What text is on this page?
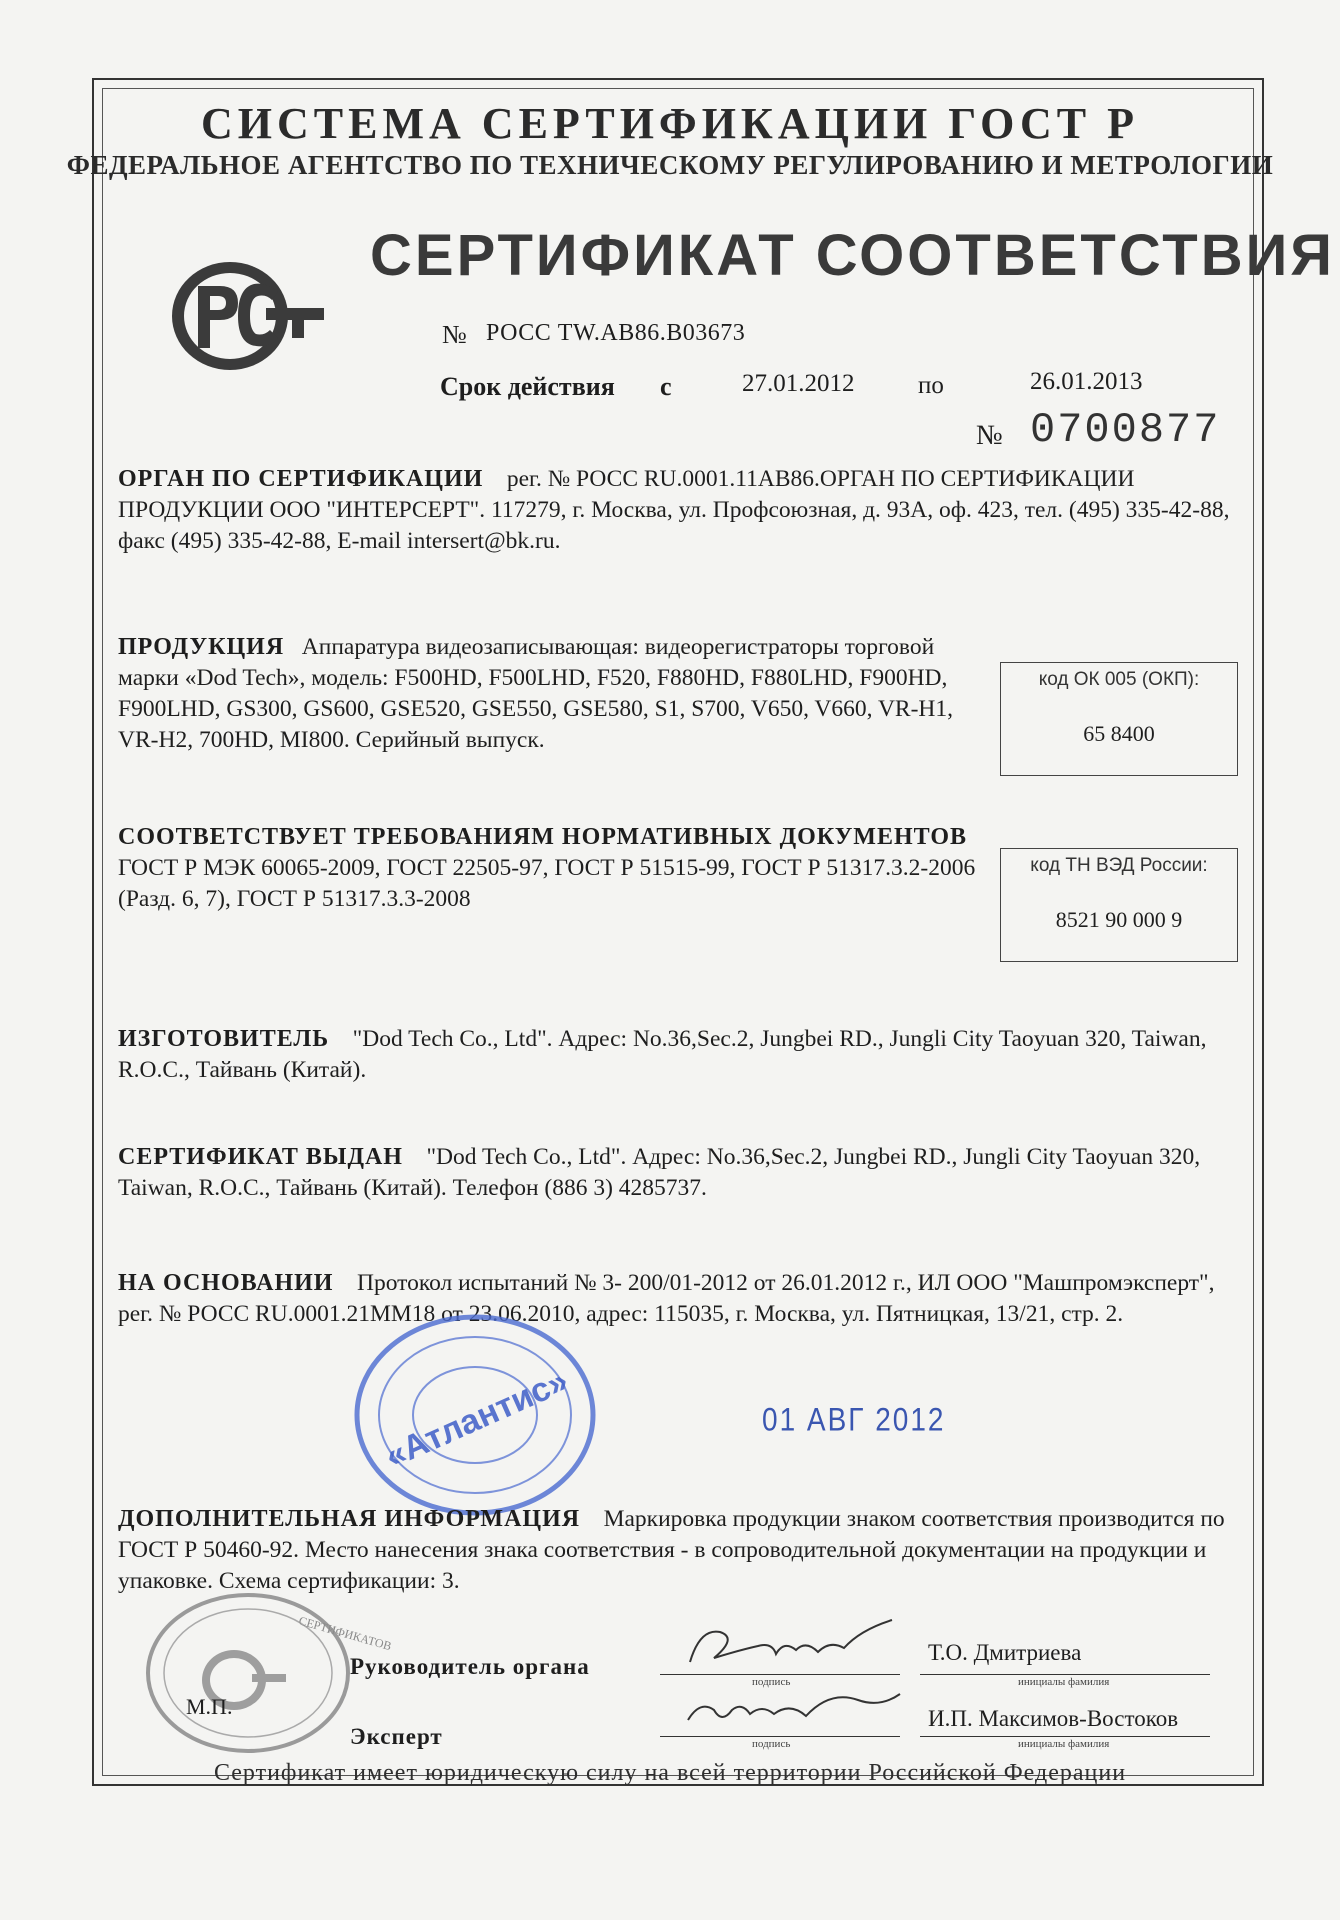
СИСТЕМА СЕРТИФИКАЦИИ ГОСТ Р
ФЕДЕРАЛЬНОЕ АГЕНТСТВО ПО ТЕХНИЧЕСКОМУ РЕГУЛИРОВАНИЮ И МЕТРОЛОГИИ
СЕРТИФИКАТ СООТВЕТСТВИЯ
№ РОСС TW.АВ86.В03673
Срок действия с	27.01.2012	по	26.01.2013
№ 0700877
ОРГАН ПО СЕРТИФИКАЦИИ рег. № РОСС RU.0001.11АВ86.ОРГАН ПО СЕРТИФИКАЦИИ ПРОДУКЦИИ ООО "ИНТЕРСЕРТ". 117279, г. Москва, ул. Профсоюзная, д. 93А, оф. 423, тел. (495) 335-42-88, факс (495) 335-42-88, E-mail intersert@bk.ru.
ПРОДУКЦИЯ Аппаратура видеозаписывающая: видеорегистраторы торговой марки «Dod Tech», модель: F500HD, F500LHD, F520, F880HD, F880LHD, F900HD, F900LHD, GS300, GS600, GSE520, GSE550, GSE580, S1, S700, V650, V660, VR-H1, VR-H2, 700HD, MI800. Серийный выпуск.
код ОК 005 (ОКП):
65 8400
СООТВЕТСТВУЕТ ТРЕБОВАНИЯМ НОРМАТИВНЫХ ДОКУМЕНТОВ
ГОСТ Р МЭК 60065-2009, ГОСТ 22505-97, ГОСТ Р 51515-99, ГОСТ Р 51317.3.2-2006 (Разд. 6, 7), ГОСТ Р 51317.3.3-2008
код ТН ВЭД России:
8521 90 000 9
ИЗГОТОВИТЕЛЬ "Dod Tech Co., Ltd". Адрес: No.36,Sec.2, Jungbei RD., Jungli City Taoyuan 320, Taiwan, R.O.C., Тайвань (Китай).
СЕРТИФИКАТ ВЫДАН "Dod Tech Co., Ltd". Адрес: No.36,Sec.2, Jungbei RD., Jungli City Taoyuan 320, Taiwan, R.O.C., Тайвань (Китай). Телефон (886 3) 4285737.
НА ОСНОВАНИИ Протокол испытаний № 3- 200/01-2012 от 26.01.2012 г., ИЛ ООО "Машпромэксперт", рег. № РОСС RU.0001.21ММ18 от 23.06.2010, адрес: 115035, г. Москва, ул. Пятницкая, 13/21, стр. 2.
«Атлантис»	01 АВГ 2012
ДОПОЛНИТЕЛЬНАЯ ИНФОРМАЦИЯ Маркировка продукции знаком соответствия производится по ГОСТ Р 50460-92. Место нанесения знака соответствия - в сопроводительной документации на продукции и упаковке. Схема сертификации: 3.
СЕРТИФИКАТОВ
М.П.
Руководитель органа
подпись
Т.О. Дмитриева
инициалы фамилия
Эксперт	подпись
И.П. Максимов-Востоков
инициалы фамилия
Сертификат имеет юридическую силу на всей территории Российской Федерации
